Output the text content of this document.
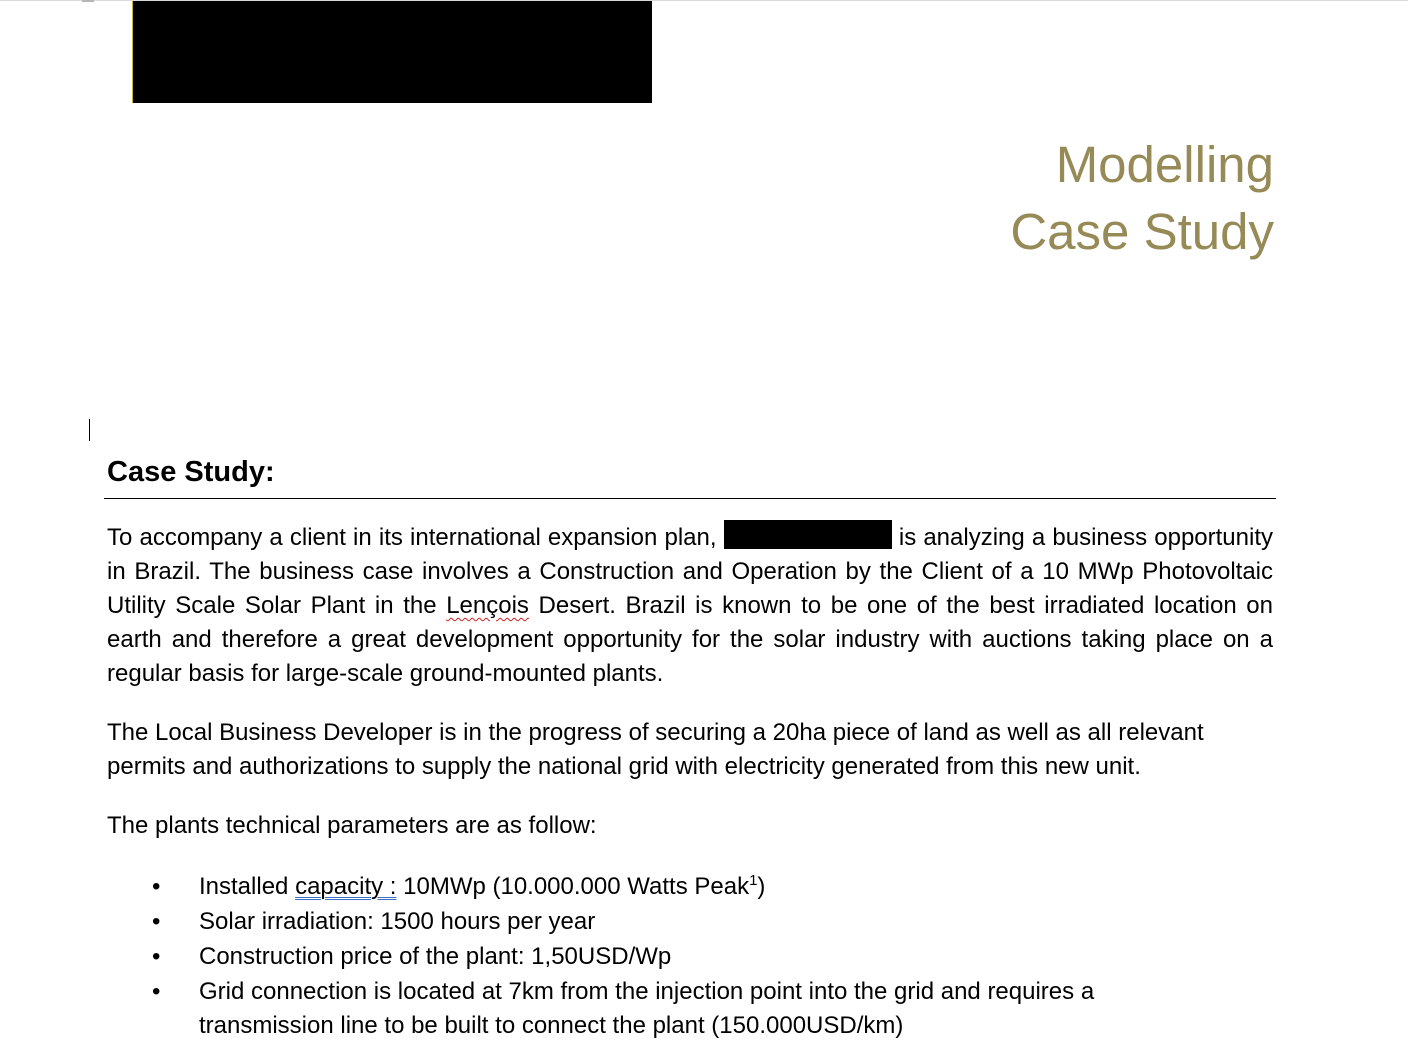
Modelling
Case Study
Case Study:

To accompany a client in its international expansion plan,	is analyzing a business opportunity in Brazil. The business case involves a Construction and Operation by the Client of a 10 MWp Photovoltaic Utility Scale Solar Plant in the Lençois Desert. Brazil is known to be one of the best irradiated location on earth and therefore a great development opportunity for the solar industry with auctions taking place on a regular basis for large-scale ground-mounted plants.

The Local Business Developer is in the progress of securing a 20ha piece of land as well as all relevant permits and authorizations to supply the national grid with electricity generated from this new unit.

The plants technical parameters are as follow:

• Installed capacity : 10MWp (10.000.000 Watts Peak$^1$)
• Solar irradiation: 1500 hours per year
• Construction price of the plant: 1,50USD/Wp
• Grid connection is located at 7km from the injection point into the grid and requires a transmission line to be built to connect the plant (150.000USD/km)
